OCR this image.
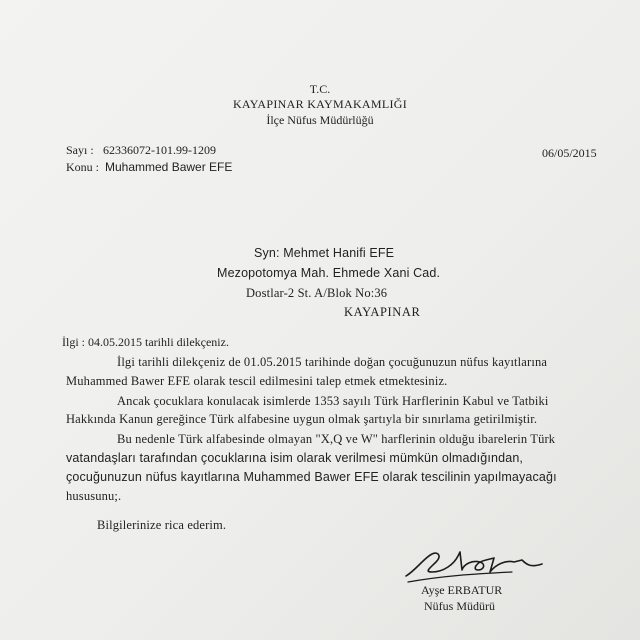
T.C.
KAYAPINAR KAYMAKAMLIĞI
İlçe Nüfus Müdürlüğü
Sayı : 62336072-101.99-1209	06/05/2015
Konu : Muhammed Bawer EFE
Syn: Mehmet Hanifi EFE
Mezopotomya Mah. Ehmede Xani Cad.
Dostlar-2 St. A/Blok No:36
KAYAPINAR
İlgi : 04.05.2015 tarihli dilekçeniz.
İlgi tarihli dilekçeniz de 01.05.2015 tarihinde doğan çocuğunuzun nüfus kayıtlarına
Muhammed Bawer EFE olarak tescil edilmesini talep etmek etmektesiniz.
Ancak çocuklara konulacak isimlerde 1353 sayılı Türk Harflerinin Kabul ve Tatbiki
Hakkında Kanun gereğince Türk alfabesine uygun olmak şartıyla bir sınırlama getirilmiştir.
Bu nedenle Türk alfabesinde olmayan "X,Q ve W" harflerinin olduğu ibarelerin Türk
vatandaşları tarafından çocuklarına isim olarak verilmesi mümkün olmadığından,
çocuğunuzun nüfus kayıtlarına Muhammed Bawer EFE olarak tescilinin yapılmayacağı
hususunu;.
Bilgilerinize rica ederim.
Ayşe ERBATUR
Nüfus Müdürü
